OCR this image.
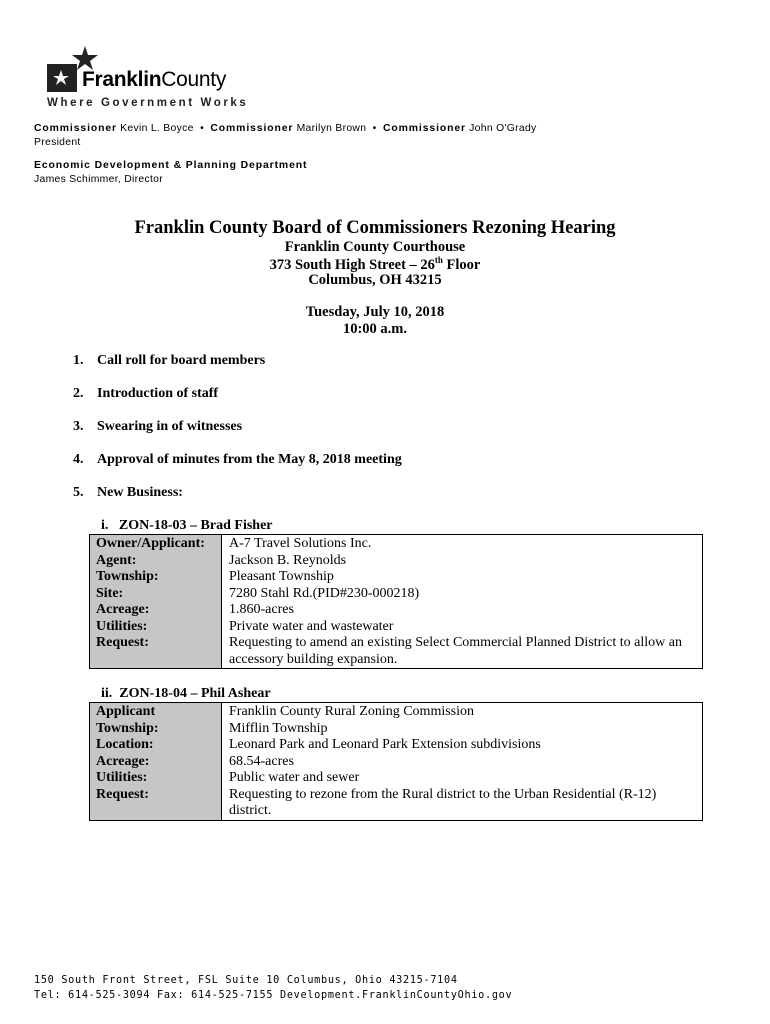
FranklinCounty
Where Government Works
Commissioner Kevin L. Boyce • Commissioner Marilyn Brown • Commissioner John O'Grady
President
Economic Development & Planning Department
James Schimmer, Director
Franklin County Board of Commissioners Rezoning Hearing
Franklin County Courthouse
373 South High Street – 26th Floor
Columbus, OH 43215
Tuesday, July 10, 2018
10:00 a.m.
1. Call roll for board members
2. Introduction of staff
3. Swearing in of witnesses
4. Approval of minutes from the May 8, 2018 meeting
5. New Business:
i.   ZON-18-03 – Brad Fisher
Owner/Applicant:	A-7 Travel Solutions Inc.
Agent:	Jackson B. Reynolds
Township:	Pleasant Township
Site:	7280 Stahl Rd.(PID#230-000218)
Acreage:	1.860-acres
Utilities:	Private water and wastewater
Request:	Requesting to amend an existing Select Commercial Planned District to allow an accessory building expansion.
ii.  ZON-18-04 – Phil Ashear
Applicant	Franklin County Rural Zoning Commission
Township:	Mifflin Township
Location:	Leonard Park and Leonard Park Extension subdivisions
Acreage:	68.54-acres
Utilities:	Public water and sewer
Request:	Requesting to rezone from the Rural district to the Urban Residential (R-12) district.
150 South Front Street, FSL Suite 10 Columbus, Ohio 43215-7104
Tel: 614-525-3094 Fax: 614-525-7155 Development.FranklinCountyOhio.gov
